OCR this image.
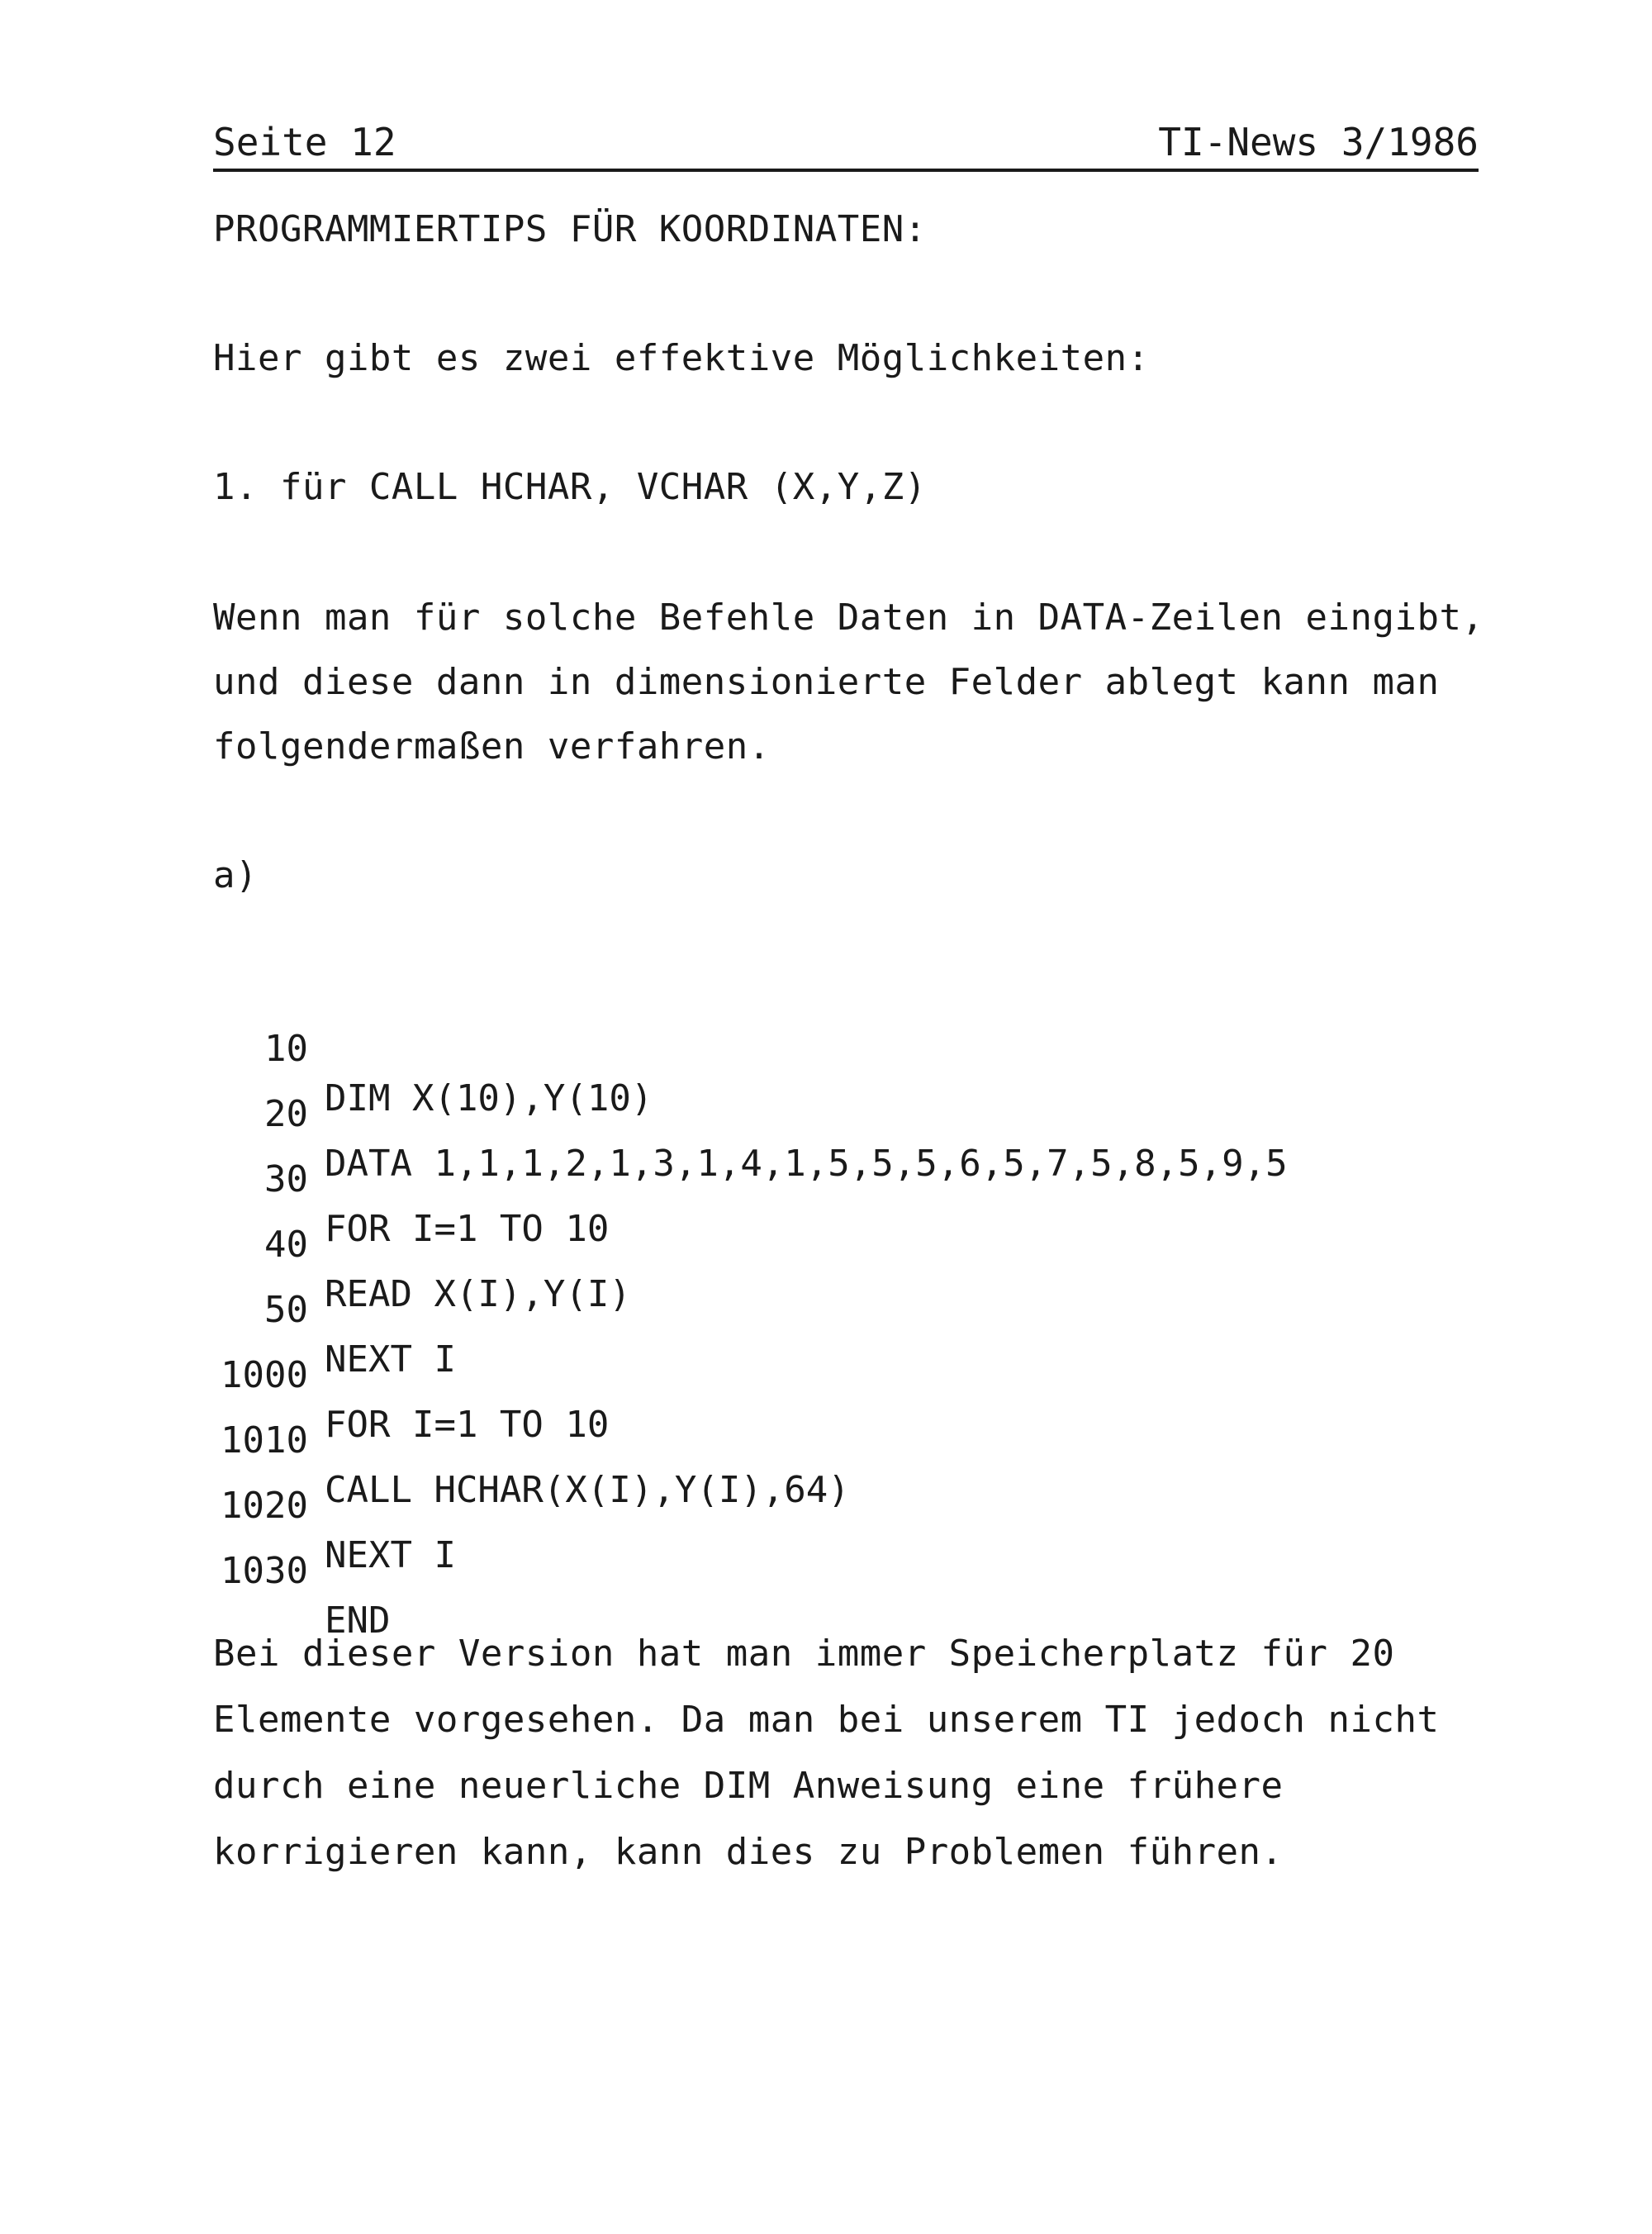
Seite 12	TI-News 3/1986
PROGRAMMIERTIPS FÜR KOORDINATEN:
Hier gibt es zwei effektive Möglichkeiten:
1. für CALL HCHAR, VCHAR (X,Y,Z)
Wenn man für solche Befehle Daten in DATA-Zeilen eingibt,
und diese dann in dimensionierte Felder ablegt kann man
folgendermaßen verfahren.
a)

10

DIM X(10),Y(10)

20

DATA 1,1,1,2,1,3,1,4,1,5,5,5,6,5,7,5,8,5,9,5

30

FOR I=1 TO 10

40

READ X(I),Y(I)

50

NEXT I

1000

FOR I=1 TO 10

1010

CALL HCHAR(X(I),Y(I),64)

1020

NEXT I

1030

END

Bei dieser Version hat man immer Speicherplatz für 20
Elemente vorgesehen. Da man bei unserem TI jedoch nicht
durch eine neuerliche DIM Anweisung eine frühere
korrigieren kann, kann dies zu Problemen führen.
